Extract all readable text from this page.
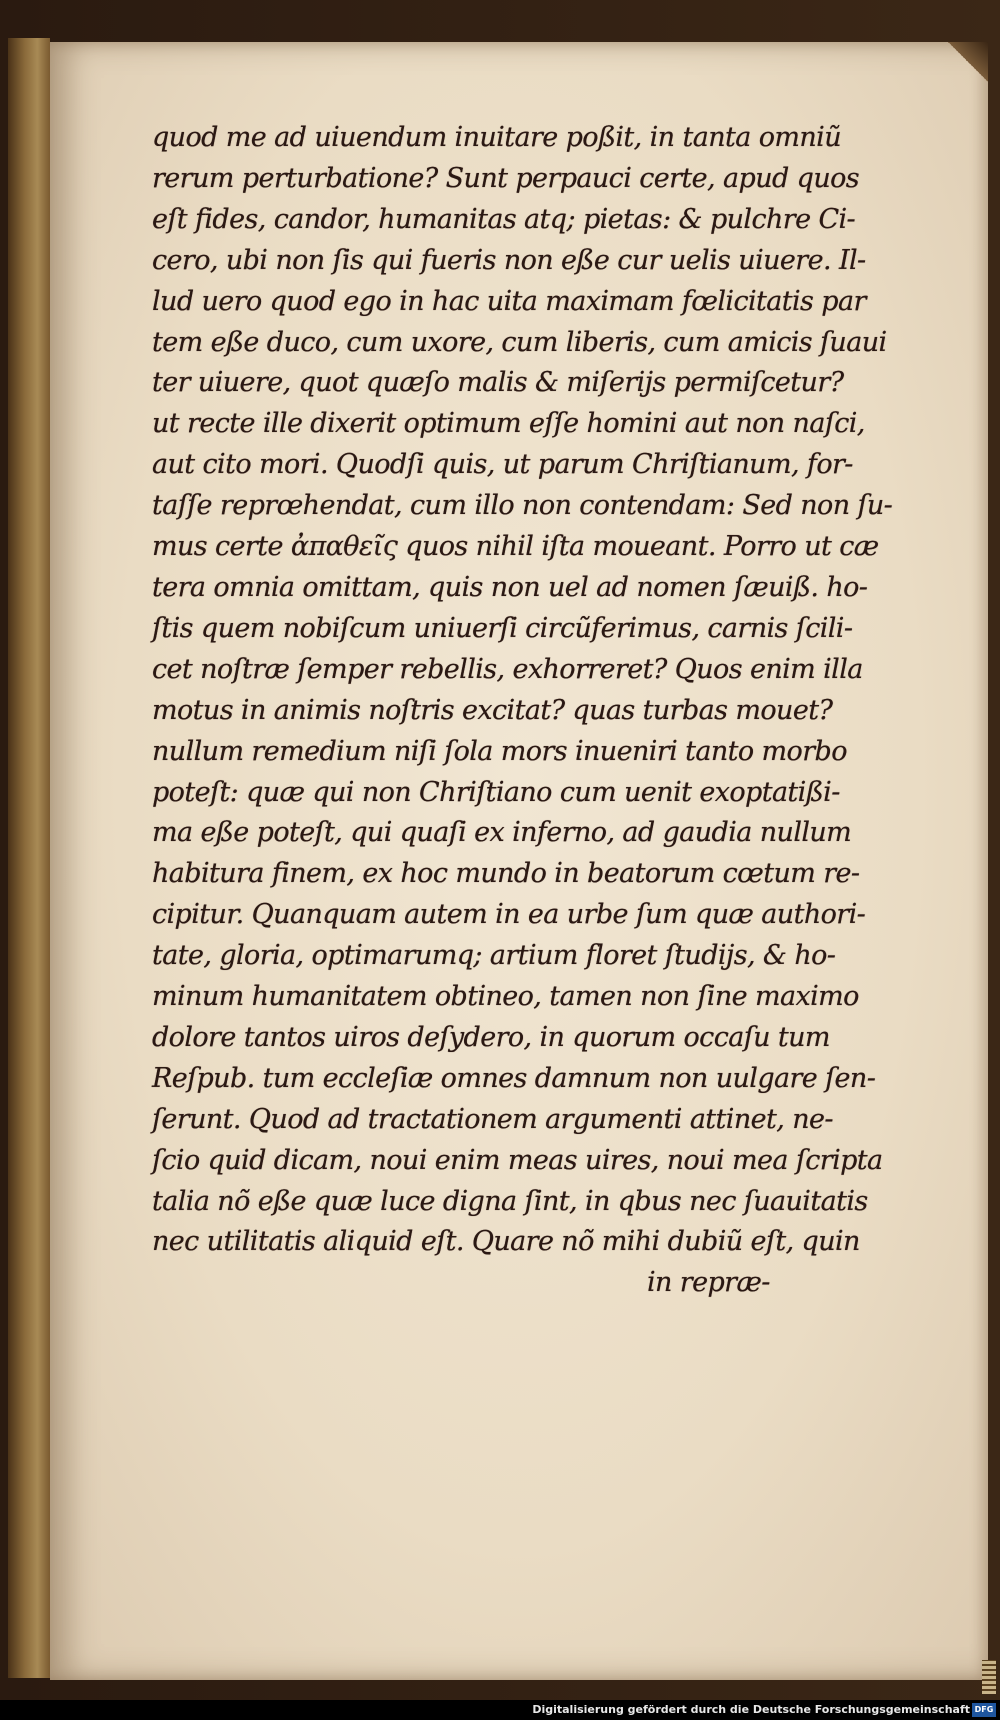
quod me ad uiuendum inuitare poßit, in tanta omniũ
rerum perturbatione? Sunt perpauci certe, apud quos
eſt fides, candor, humanitas atq; pietas: & pulchre Ci-
cero, ubi non ſis qui fueris non eße cur uelis uiuere. Il-
lud uero quod ego in hac uita maximam fœlicitatis par
tem eße duco, cum uxore, cum liberis, cum amicis ſuaui
ter uiuere, quot quæſo malis & miſerijs permiſcetur?
ut recte ille dixerit optimum eſſe homini aut non naſci,
aut cito mori. Quodſi quis, ut parum Chriſtianum, for-
taſſe reprœhendat, cum illo non contendam: Sed non ſu-
mus certe ἀπαθεῖς quos nihil iſta moueant. Porro ut cæ
tera omnia omittam, quis non uel ad nomen ſæuiß. ho-
ſtis quem nobiſcum uniuerſi circũferimus, carnis ſcili-
cet noſtræ ſemper rebellis, exhorreret? Quos enim illa
motus in animis noſtris excitat? quas turbas mouet?
nullum remedium niſi ſola mors inueniri tanto morbo
poteſt: quæ qui non Chriſtiano cum uenit exoptatißi-
ma eße poteſt, qui quaſi ex inferno, ad gaudia nullum
habitura finem, ex hoc mundo in beatorum cœtum re-
cipitur. Quanquam autem in ea urbe ſum quæ authori-
tate, gloria, optimarumq; artium floret ſtudijs, & ho-
minum humanitatem obtineo, tamen non ſine maximo
dolore tantos uiros deſydero, in quorum occaſu tum
Reſpub. tum eccleſiæ omnes damnum non uulgare ſen-
ſerunt. Quod ad tractationem argumenti attinet, ne-
ſcio quid dicam, noui enim meas uires, noui mea ſcripta
talia nõ eße quæ luce digna ſint, in qbus nec ſuauitatis
nec utilitatis aliquid eſt. Quare nõ mihi dubiũ eſt, quin
in repræ-
Digitalisierung gefördert durch die Deutsche Forschungsgemeinschaft DFG
